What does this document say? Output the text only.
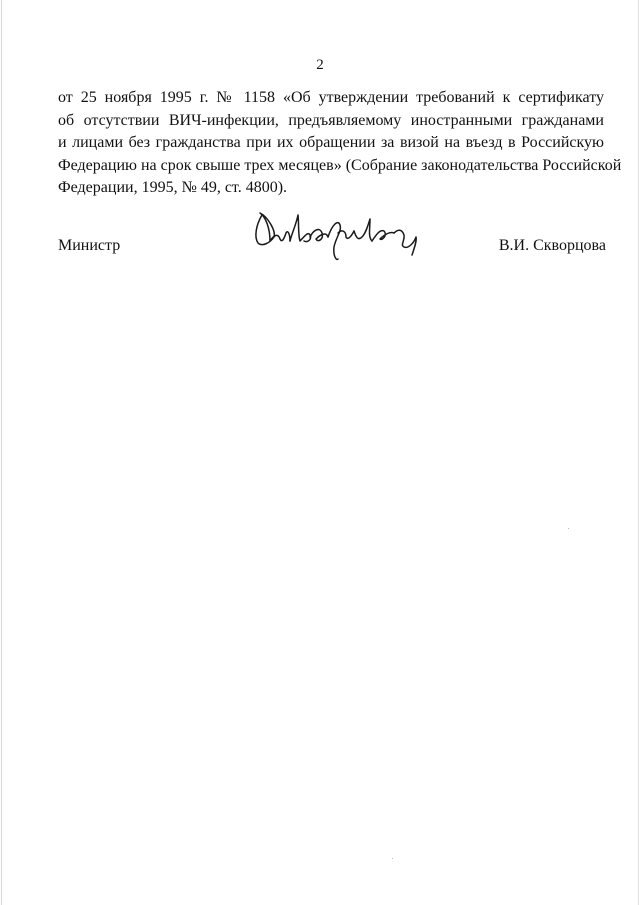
2

от 25 ноября 1995 г. № 1158 «Об утверждении требований к сертификату
об отсутствии ВИЧ-инфекции, предъявляемому иностранными гражданами
и лицами без гражданства при их обращении за визой на въезд в Российскую
Федерацию на срок свыше трех месяцев» (Собрание законодательства Российской
Федерации, 1995, № 49, ст. 4800).

Министр	В.И. Скворцова
